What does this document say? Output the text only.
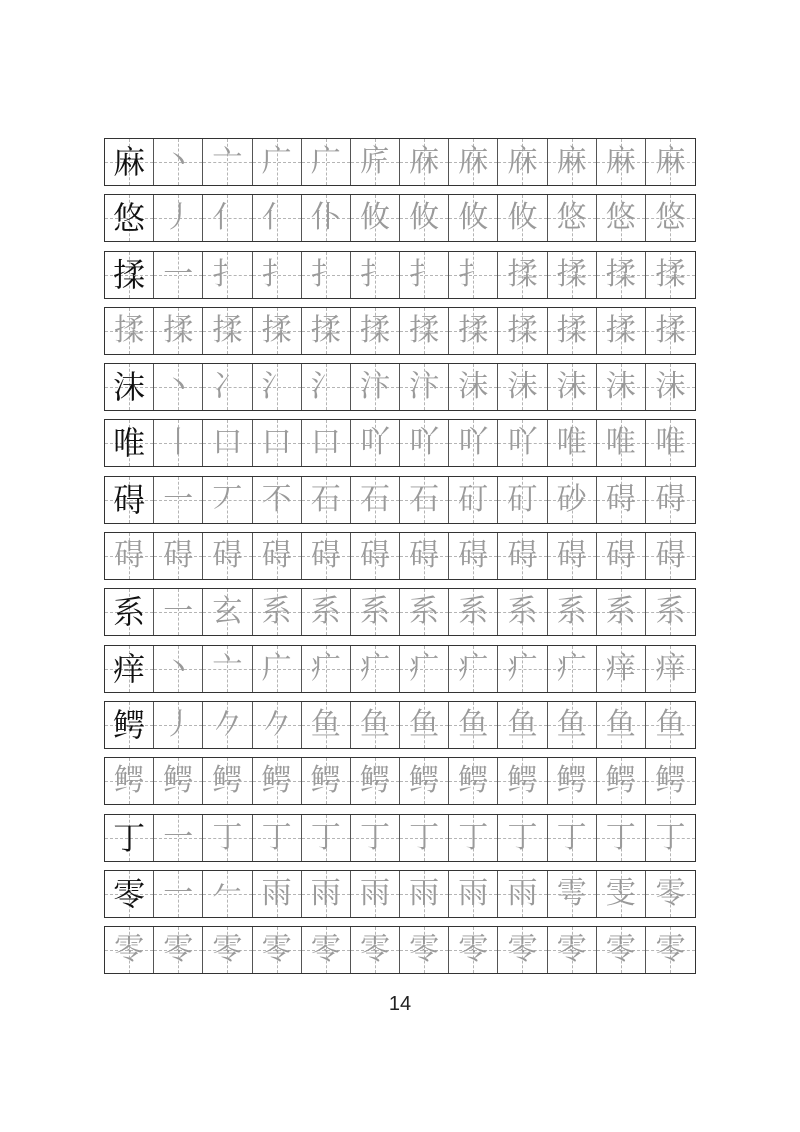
麻 丶 亠 广 广 庍 庥 庥 庥 麻 麻 麻
悠 丿 亻 亻 仆 攸 攸 攸 攸 悠 悠 悠
揉 一 扌 扌 扌 扌 扌 扌 揉 揉 揉 揉
揉 揉 揉 揉 揉 揉 揉 揉 揉 揉 揉 揉
沫 丶 冫 氵 氵 汴 汴 沫 沫 沫 沫 沫
唯 丨 口 口 口 吖 吖 吖 吖 唯 唯 唯
碍 一 丆 不 石 石 石 矴 矴 砂 碍 碍
碍 碍 碍 碍 碍 碍 碍 碍 碍 碍 碍 碍
系 一 玄 系 系 系 系 系 系 系 系 系
痒 丶 亠 广 疒 疒 疒 疒 疒 疒 痒 痒
鳄 丿 𠂊 𠂊 鱼 鱼 鱼 鱼 鱼 鱼 鱼 鱼
鳄 鳄 鳄 鳄 鳄 鳄 鳄 鳄 鳄 鳄 鳄 鳄
丁 一 丁 丁 丁 丁 丁 丁 丁 丁 丁 丁
零 一 𠂉 雨 雨 雨 雨 雨 雨 雩 雯 零
零 零 零 零 零 零 零 零 零 零 零 零
14
